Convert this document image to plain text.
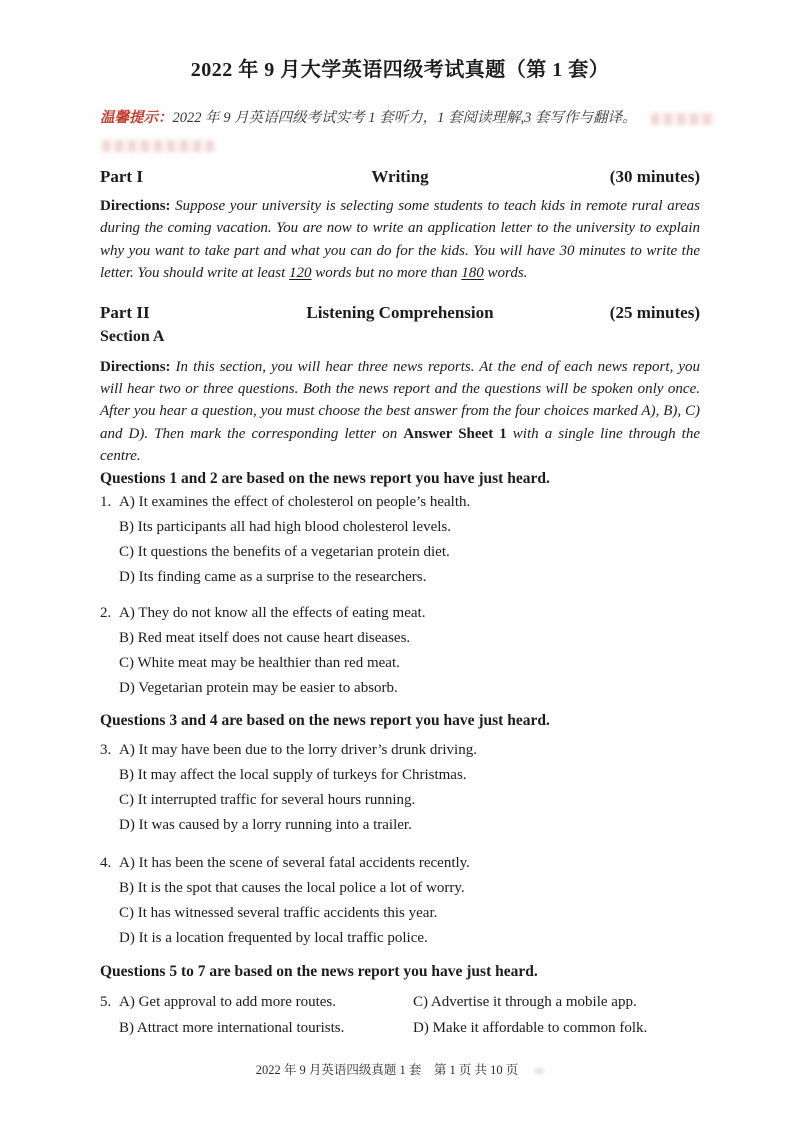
2022 年 9 月大学英语四级考试真题（第 1 套）
温馨提示：2022 年 9 月英语四级考试实考 1 套听力，1 套阅读理解,3 套写作与翻译。
Part I	Writing	(30 minutes)

Directions: Suppose your university is selecting some students to teach kids in remote rural areas during the coming vacation. You are now to write an application letter to the university to explain why you want to take part and what you can do for the kids. You will have 30 minutes to write the letter. You should write at least 120 words but no more than 180 words.

Part II	Listening Comprehension	(25 minutes)
Section A

Directions: In this section, you will hear three news reports. At the end of each news report, you will hear two or three questions. Both the news report and the questions will be spoken only once. After you hear a question, you must choose the best answer from the four choices marked A), B), C) and D). Then mark the corresponding letter on Answer Sheet 1 with a single line through the centre.

Questions 1 and 2 are based on the news report you have just heard.
1. A) It examines the effect of cholesterol on people’s health.
B) Its participants all had high blood cholesterol levels.
C) It questions the benefits of a vegetarian protein diet.
D) Its finding came as a surprise to the researchers.
2. A) They do not know all the effects of eating meat.
B) Red meat itself does not cause heart diseases.
C) White meat may be healthier than red meat.
D) Vegetarian protein may be easier to absorb.
Questions 3 and 4 are based on the news report you have just heard.
3. A) It may have been due to the lorry driver’s drunk driving.
B) It may affect the local supply of turkeys for Christmas.
C) It interrupted traffic for several hours running.
D) It was caused by a lorry running into a trailer.
4. A) It has been the scene of several fatal accidents recently.
B) It is the spot that causes the local police a lot of worry.
C) It has witnessed several traffic accidents this year.
D) It is a location frequented by local traffic police.
Questions 5 to 7 are based on the news report you have just heard.
5. A) Get approval to add more routes.	C) Advertise it through a mobile app.
B) Attract more international tourists.	D) Make it affordable to common folk.
2022 年 9 月英语四级真题 1 套　第 1 页 共 10 页
